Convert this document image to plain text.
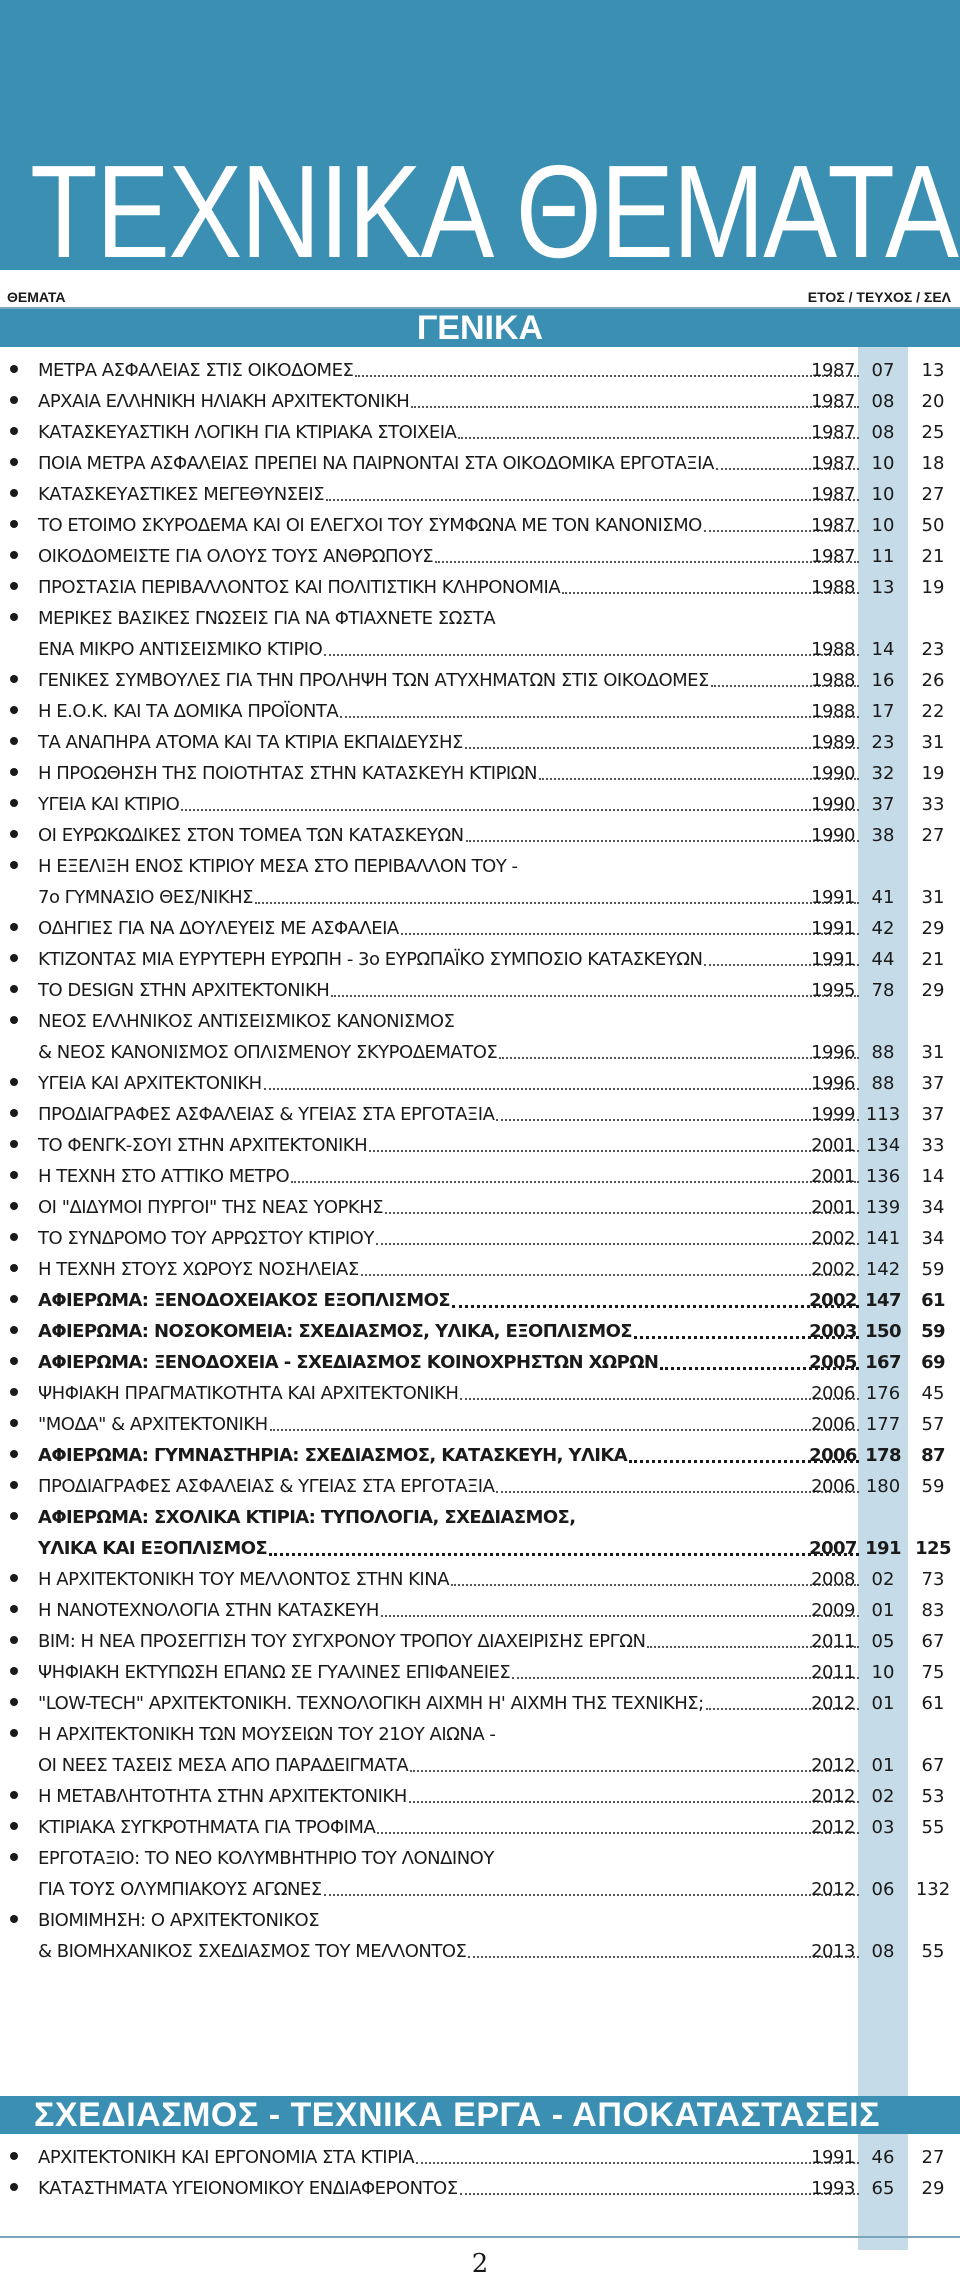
ΤΕΧΝΙΚΑ ΘΕΜΑΤΑ
ΘΕΜΑΤΑ	ΕΤΟΣ / ΤΕΥΧΟΣ / ΣΕΛ
ΓΕΝΙΚΑ
ΜΕΤΡΑ ΑΣΦΑΛΕΙΑΣ ΣΤΙΣ ΟΙΚΟΔΟΜΕΣ	1987 07	13
ΑΡΧΑΙΑ ΕΛΛΗΝΙΚΗ ΗΛΙΑΚΗ ΑΡΧΙΤΕΚΤΟΝΙΚΗ	1987 08	20
ΚΑΤΑΣΚΕΥΑΣΤΙΚΗ ΛΟΓΙΚΗ ΓΙΑ ΚΤΙΡΙΑΚΑ ΣΤΟΙΧΕΙΑ	1987 08	25
ΠΟΙΑ ΜΕΤΡΑ ΑΣΦΑΛΕΙΑΣ ΠΡΕΠΕΙ ΝΑ ΠΑΙΡΝΟΝΤΑΙ ΣΤΑ ΟΙΚΟΔΟΜΙΚΑ ΕΡΓΟΤΑΞΙΑ	1987 10	18
ΚΑΤΑΣΚΕΥΑΣΤΙΚΕΣ ΜΕΓΕΘΥΝΣΕΙΣ	1987 10	27
ΤΟ ΕΤΟΙΜΟ ΣΚΥΡΟΔΕΜΑ ΚΑΙ ΟΙ ΕΛΕΓΧΟΙ ΤΟΥ ΣΥΜΦΩΝΑ ΜΕ ΤΟΝ ΚΑΝΟΝΙΣΜΟ	1987 10	50
ΟΙΚΟΔΟΜΕΙΣΤΕ ΓΙΑ ΟΛΟΥΣ ΤΟΥΣ ΑΝΘΡΩΠΟΥΣ	1987 11	21
ΠΡΟΣΤΑΣΙΑ ΠΕΡΙΒΑΛΛΟΝΤΟΣ ΚΑΙ ΠΟΛΙΤΙΣΤΙΚΗ ΚΛΗΡΟΝΟΜΙΑ	1988 13	19
ΜΕΡΙΚΕΣ ΒΑΣΙΚΕΣ ΓΝΩΣΕΙΣ ΓΙΑ ΝΑ ΦΤΙΑΧΝΕΤΕ ΣΩΣΤΑ
ΕΝΑ ΜΙΚΡΟ ΑΝΤΙΣΕΙΣΜΙΚΟ ΚΤΙΡΙΟ	1988 14	23
ΓΕΝΙΚΕΣ ΣΥΜΒΟΥΛΕΣ ΓΙΑ ΤΗΝ ΠΡΟΛΗΨΗ ΤΩΝ ΑΤΥΧΗΜΑΤΩΝ ΣΤΙΣ ΟΙΚΟΔΟΜΕΣ	1988 16	26
Η Ε.Ο.Κ. ΚΑΙ ΤΑ ΔΟΜΙΚΑ ΠΡΟΪΟΝΤΑ	1988 17	22
ΤΑ ΑΝΑΠΗΡΑ ΑΤΟΜΑ ΚΑΙ ΤΑ ΚΤΙΡΙΑ ΕΚΠΑΙΔΕΥΣΗΣ	1989 23	31
Η ΠΡΟΩΘΗΣΗ ΤΗΣ ΠΟΙΟΤΗΤΑΣ ΣΤΗΝ ΚΑΤΑΣΚΕΥΗ ΚΤΙΡΙΩΝ	1990 32	19
ΥΓΕΙΑ ΚΑΙ ΚΤΙΡΙΟ	1990 37	33
ΟΙ ΕΥΡΩΚΩΔΙΚΕΣ ΣΤΟΝ ΤΟΜΕΑ ΤΩΝ ΚΑΤΑΣΚΕΥΩΝ	1990 38	27
Η ΕΞΕΛΙΞΗ ΕΝΟΣ ΚΤΙΡΙΟΥ ΜΕΣΑ ΣΤΟ ΠΕΡΙΒΑΛΛΟΝ ΤΟΥ -
7ο ΓΥΜΝΑΣΙΟ ΘΕΣ/ΝΙΚΗΣ	1991 41	31
ΟΔΗΓΙΕΣ ΓΙΑ ΝΑ ΔΟΥΛΕΥΕΙΣ ΜΕ ΑΣΦΑΛΕΙΑ	1991 42	29
ΚΤΙΖΟΝΤΑΣ ΜΙΑ ΕΥΡΥΤΕΡΗ ΕΥΡΩΠΗ - 3ο ΕΥΡΩΠΑΪΚΟ ΣΥΜΠΟΣΙΟ ΚΑΤΑΣΚΕΥΩΝ	1991 44	21
ΤΟ DESIGN ΣΤΗΝ ΑΡΧΙΤΕΚΤΟΝΙΚΗ	1995 78	29
ΝΕΟΣ ΕΛΛΗΝΙΚΟΣ ΑΝΤΙΣΕΙΣΜΙΚΟΣ ΚΑΝΟΝΙΣΜΟΣ
& ΝΕΟΣ ΚΑΝΟΝΙΣΜΟΣ ΟΠΛΙΣΜΕΝΟΥ ΣΚΥΡΟΔΕΜΑΤΟΣ	1996 88	31
ΥΓΕΙΑ ΚΑΙ ΑΡΧΙΤΕΚΤΟΝΙΚΗ	1996 88	37
ΠΡΟΔΙΑΓΡΑΦΕΣ ΑΣΦΑΛΕΙΑΣ & ΥΓΕΙΑΣ ΣΤΑ ΕΡΓΟΤΑΞΙΑ	1999 113	37
ΤΟ ΦΕΝΓΚ-ΣΟΥΙ ΣΤΗΝ ΑΡΧΙΤΕΚΤΟΝΙΚΗ	2001 134	33
Η ΤΕΧΝΗ ΣΤΟ ΑΤΤΙΚΟ ΜΕΤΡΟ	2001 136	14
ΟΙ "ΔΙΔΥΜΟΙ ΠΥΡΓΟΙ" ΤΗΣ ΝΕΑΣ ΥΟΡΚΗΣ	2001 139	34
ΤΟ ΣΥΝΔΡΟΜΟ ΤΟΥ ΑΡΡΩΣΤΟΥ ΚΤΙΡΙΟΥ	2002 141	34
Η ΤΕΧΝΗ ΣΤΟΥΣ ΧΩΡΟΥΣ ΝΟΣΗΛΕΙΑΣ	2002 142	59
ΑΦΙΕΡΩΜΑ: ΞΕΝΟΔΟΧΕΙΑΚΟΣ ΕΞΟΠΛΙΣΜΟΣ	2002 147	61
ΑΦΙΕΡΩΜΑ: ΝΟΣΟΚΟΜΕΙΑ: ΣΧΕΔΙΑΣΜΟΣ, ΥΛΙΚΑ, ΕΞΟΠΛΙΣΜΟΣ	2003 150	59
ΑΦΙΕΡΩΜΑ: ΞΕΝΟΔΟΧΕΙΑ - ΣΧΕΔΙΑΣΜΟΣ ΚΟΙΝΟΧΡΗΣΤΩΝ ΧΩΡΩΝ	2005 167	69
ΨΗΦΙΑΚΗ ΠΡΑΓΜΑΤΙΚΟΤΗΤΑ ΚΑΙ ΑΡΧΙΤΕΚΤΟΝΙΚΗ	2006 176	45
"ΜΟΔΑ" & ΑΡΧΙΤΕΚΤΟΝΙΚΗ	2006 177	57
ΑΦΙΕΡΩΜΑ: ΓΥΜΝΑΣΤΗΡΙΑ: ΣΧΕΔΙΑΣΜΟΣ, ΚΑΤΑΣΚΕΥΗ, ΥΛΙΚΑ	2006 178	87
ΠΡΟΔΙΑΓΡΑΦΕΣ ΑΣΦΑΛΕΙΑΣ & ΥΓΕΙΑΣ ΣΤΑ ΕΡΓΟΤΑΞΙΑ	2006 180	59
ΑΦΙΕΡΩΜΑ: ΣΧΟΛΙΚΑ ΚΤΙΡΙΑ: ΤΥΠΟΛΟΓΙΑ, ΣΧΕΔΙΑΣΜΟΣ,
ΥΛΙΚΑ ΚΑΙ ΕΞΟΠΛΙΣΜΟΣ	2007 191 125
Η ΑΡΧΙΤΕΚΤΟΝΙΚΗ ΤΟΥ ΜΕΛΛΟΝΤΟΣ ΣΤΗΝ ΚΙΝΑ	2008 02	73
Η ΝΑΝΟΤΕΧΝΟΛΟΓΙΑ ΣΤΗΝ ΚΑΤΑΣΚΕΥΗ	2009 01	83
BIM: Η ΝΕΑ ΠΡΟΣΕΓΓΙΣΗ ΤΟΥ ΣΥΓΧΡΟΝΟΥ ΤΡΟΠΟΥ ΔΙΑΧΕΙΡΙΣΗΣ ΕΡΓΩΝ	2011 05	67
ΨΗΦΙΑΚΗ ΕΚΤΥΠΩΣΗ ΕΠΑΝΩ ΣΕ ΓΥΑΛΙΝΕΣ ΕΠΙΦΑΝΕΙΕΣ	2011 10	75
"LOW-TECH" ΑΡΧΙΤΕΚΤΟΝΙΚΗ. ΤΕΧΝΟΛΟΓΙΚΗ ΑΙΧΜΗ Η' ΑΙΧΜΗ ΤΗΣ ΤΕΧΝΙΚΗΣ;	2012 01	61
Η ΑΡΧΙΤΕΚΤΟΝΙΚΗ ΤΩΝ ΜΟΥΣΕΙΩΝ ΤΟΥ 21ΟΥ ΑΙΩΝΑ -
ΟΙ ΝΕΕΣ ΤΑΣΕΙΣ ΜΕΣΑ ΑΠΟ ΠΑΡΑΔΕΙΓΜΑΤΑ	2012 01	67
Η ΜΕΤΑΒΛΗΤΟΤΗΤΑ ΣΤΗΝ ΑΡΧΙΤΕΚΤΟΝΙΚΗ	2012 02	53
ΚΤΙΡΙΑΚΑ ΣΥΓΚΡΟΤΗΜΑΤΑ ΓΙΑ ΤΡΟΦΙΜΑ	2012 03	55
ΕΡΓΟΤΑΞΙΟ: ΤΟ ΝΕΟ ΚΟΛΥΜΒΗΤΗΡΙΟ ΤΟΥ ΛΟΝΔΙΝΟΥ
ΓΙΑ ΤΟΥΣ ΟΛΥΜΠΙΑΚΟΥΣ ΑΓΩΝΕΣ	2012 06	132
ΒΙΟΜΙΜΗΣΗ: Ο ΑΡΧΙΤΕΚΤΟΝΙΚΟΣ
& ΒΙΟΜΗΧΑΝΙΚΟΣ ΣΧΕΔΙΑΣΜΟΣ ΤΟΥ ΜΕΛΛΟΝΤΟΣ	2013 08	55
ΣΧΕΔΙΑΣΜΟΣ - ΤΕΧΝΙΚΑ ΕΡΓΑ - ΑΠΟΚΑΤΑΣΤΑΣΕΙΣ
ΑΡΧΙΤΕΚΤΟΝΙΚΗ ΚΑΙ ΕΡΓΟΝΟΜΙΑ ΣΤΑ ΚΤΙΡΙΑ	1991 46	27
ΚΑΤΑΣΤΗΜΑΤΑ ΥΓΕΙΟΝΟΜΙΚΟΥ ΕΝΔΙΑΦΕΡΟΝΤΟΣ	1993 65	29

2
